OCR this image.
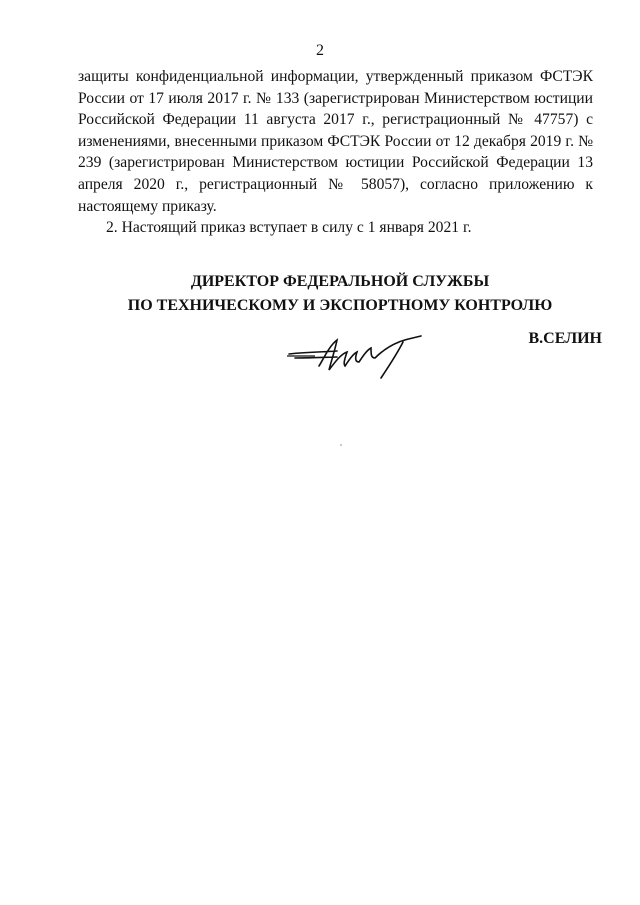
2

защиты конфиденциальной информации, утвержденный приказом ФСТЭК России от 17 июля 2017 г. № 133 (зарегистрирован Министерством юстиции Российской Федерации 11 августа 2017 г., регистрационный № 47757) с изменениями, внесенными приказом ФСТЭК России от 12 декабря 2019 г. № 239 (зарегистрирован Министерством юстиции Российской Федерации 13 апреля 2020 г., регистрационный № 58057), согласно приложению к настоящему приказу.

2. Настоящий приказ вступает в силу с 1 января 2021 г.

ДИРЕКТОР ФЕДЕРАЛЬНОЙ СЛУЖБЫ
ПО ТЕХНИЧЕСКОМУ И ЭКСПОРТНОМУ КОНТРОЛЮ
В.СЕЛИН
